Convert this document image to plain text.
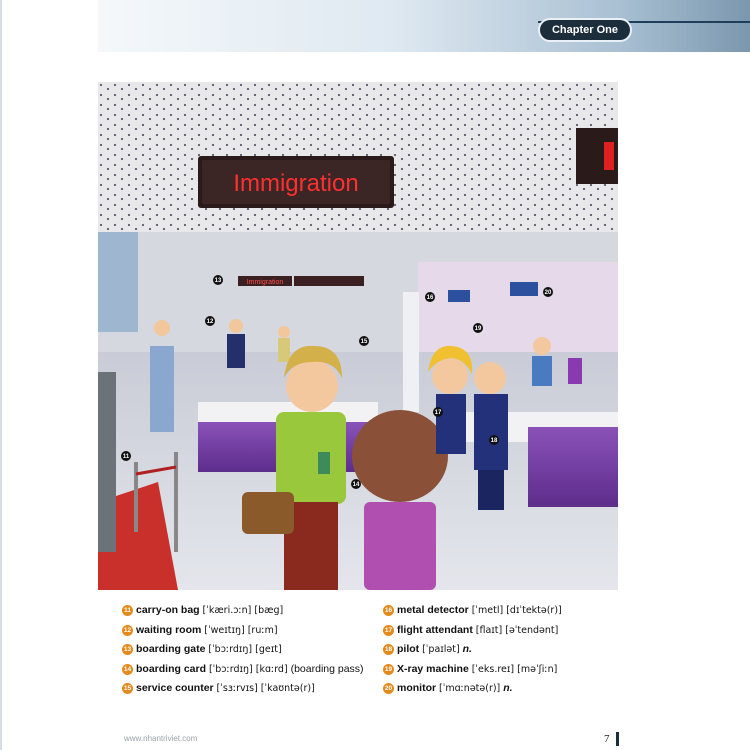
Chapter One
Immigration
Immigration
11
12
13
14
15
16
17
18
19
20
11 carry-on bag [ˈkæri.ɔːn] [bæg]
12 waiting room [ˈweɪtɪŋ] [ruːm]
13 boarding gate [ˈbɔːrdɪŋ] [geɪt]
14 boarding card [ˈbɔːrdɪŋ] [kɑːrd] (boarding pass)
15 service counter [ˈsɜːrvɪs] [ˈkaʊntə(r)]
16 metal detector [ˈmetl] [dɪˈtektə(r)]
17 flight attendant [flaɪt] [əˈtendənt]
18 pilot [ˈpaɪlət] n.
19 X-ray machine [ˈeks.reɪ] [məˈʃiːn]
20 monitor [ˈmɑːnətə(r)] n.
www.nhantriviet.com	7
